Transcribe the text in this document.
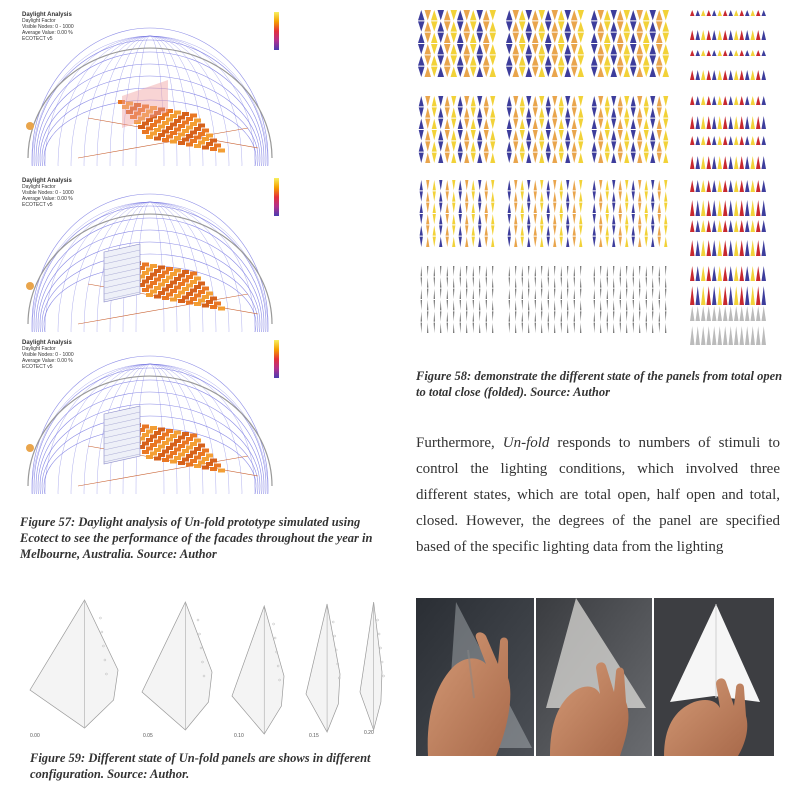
Daylight Analysis
Daylight Factor
Visible Nodes: 0 - 1000
Average Value: 0.00 %
ECOTECT v5
Daylight Analysis
Daylight Factor
Visible Nodes: 0 - 1000
Average Value: 0.00 %
ECOTECT v5
Daylight Analysis
Daylight Factor
Visible Nodes: 0 - 1000
Average Value: 0.00 %
ECOTECT v5
Figure 57: Daylight analysis of Un-fold prototype simulated using Ecotect to see the performance of the facades throughout the year in Melbourne, Australia. Source: Author
Figure 58: demonstrate the different state of the panels from total open to total close (folded). Source: Author

Furthermore, Un-fold responds to numbers of stimuli to control the lighting conditions, which involved three different states, which are total open, half open and total, closed. However, the degrees of the panel are specified based of the specific lighting data from the lighting

0.00	0.05	0.10	0.15	0.20
Figure 59: Different state of Un-fold panels are shows in different configuration. Source: Author.
